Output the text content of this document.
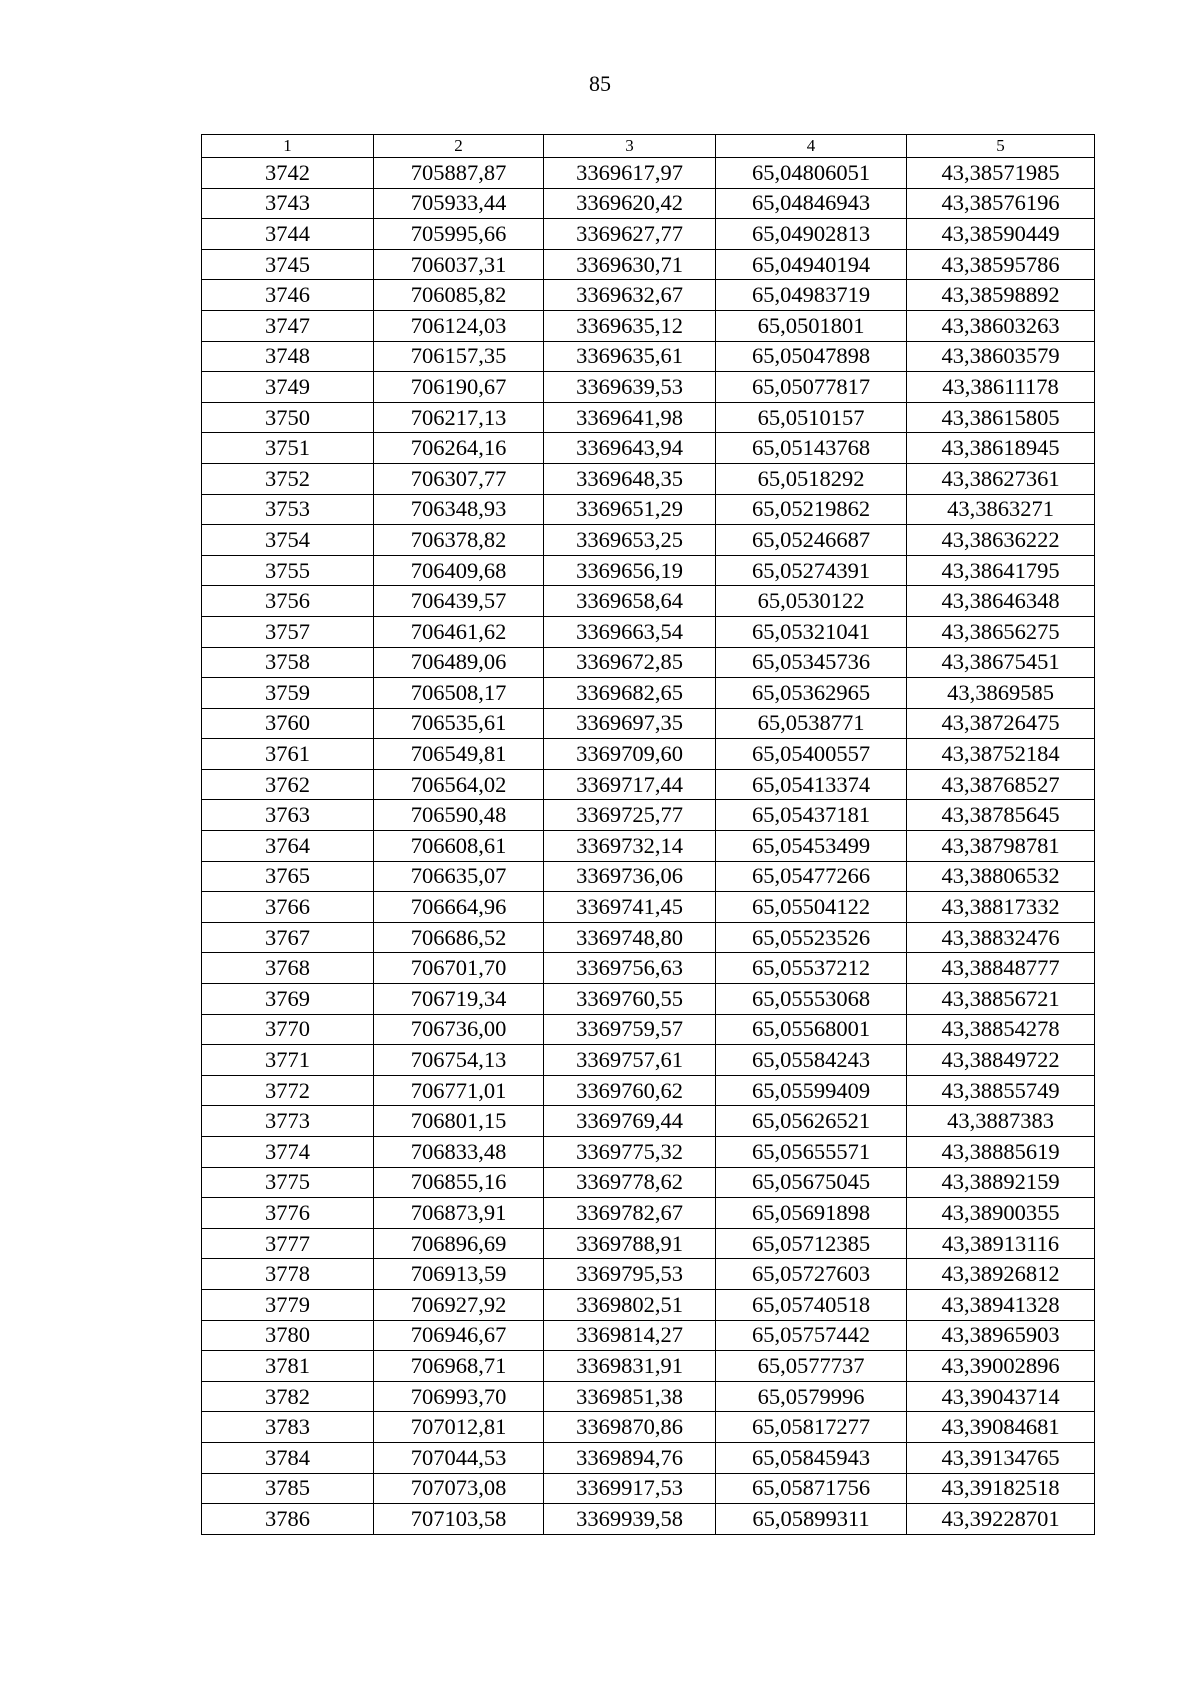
85
1	2	3	4	5
3742	705887,87	3369617,97	65,04806051	43,38571985
3743	705933,44	3369620,42	65,04846943	43,38576196
3744	705995,66	3369627,77	65,04902813	43,38590449
3745	706037,31	3369630,71	65,04940194	43,38595786
3746	706085,82	3369632,67	65,04983719	43,38598892
3747	706124,03	3369635,12	65,0501801	43,38603263
3748	706157,35	3369635,61	65,05047898	43,38603579
3749	706190,67	3369639,53	65,05077817	43,38611178
3750	706217,13	3369641,98	65,0510157	43,38615805
3751	706264,16	3369643,94	65,05143768	43,38618945
3752	706307,77	3369648,35	65,0518292	43,38627361
3753	706348,93	3369651,29	65,05219862	43,3863271
3754	706378,82	3369653,25	65,05246687	43,38636222
3755	706409,68	3369656,19	65,05274391	43,38641795
3756	706439,57	3369658,64	65,0530122	43,38646348
3757	706461,62	3369663,54	65,05321041	43,38656275
3758	706489,06	3369672,85	65,05345736	43,38675451
3759	706508,17	3369682,65	65,05362965	43,3869585
3760	706535,61	3369697,35	65,0538771	43,38726475
3761	706549,81	3369709,60	65,05400557	43,38752184
3762	706564,02	3369717,44	65,05413374	43,38768527
3763	706590,48	3369725,77	65,05437181	43,38785645
3764	706608,61	3369732,14	65,05453499	43,38798781
3765	706635,07	3369736,06	65,05477266	43,38806532
3766	706664,96	3369741,45	65,05504122	43,38817332
3767	706686,52	3369748,80	65,05523526	43,38832476
3768	706701,70	3369756,63	65,05537212	43,38848777
3769	706719,34	3369760,55	65,05553068	43,38856721
3770	706736,00	3369759,57	65,05568001	43,38854278
3771	706754,13	3369757,61	65,05584243	43,38849722
3772	706771,01	3369760,62	65,05599409	43,38855749
3773	706801,15	3369769,44	65,05626521	43,3887383
3774	706833,48	3369775,32	65,05655571	43,38885619
3775	706855,16	3369778,62	65,05675045	43,38892159
3776	706873,91	3369782,67	65,05691898	43,38900355
3777	706896,69	3369788,91	65,05712385	43,38913116
3778	706913,59	3369795,53	65,05727603	43,38926812
3779	706927,92	3369802,51	65,05740518	43,38941328
3780	706946,67	3369814,27	65,05757442	43,38965903
3781	706968,71	3369831,91	65,0577737	43,39002896
3782	706993,70	3369851,38	65,0579996	43,39043714
3783	707012,81	3369870,86	65,05817277	43,39084681
3784	707044,53	3369894,76	65,05845943	43,39134765
3785	707073,08	3369917,53	65,05871756	43,39182518
3786	707103,58	3369939,58	65,05899311	43,39228701
